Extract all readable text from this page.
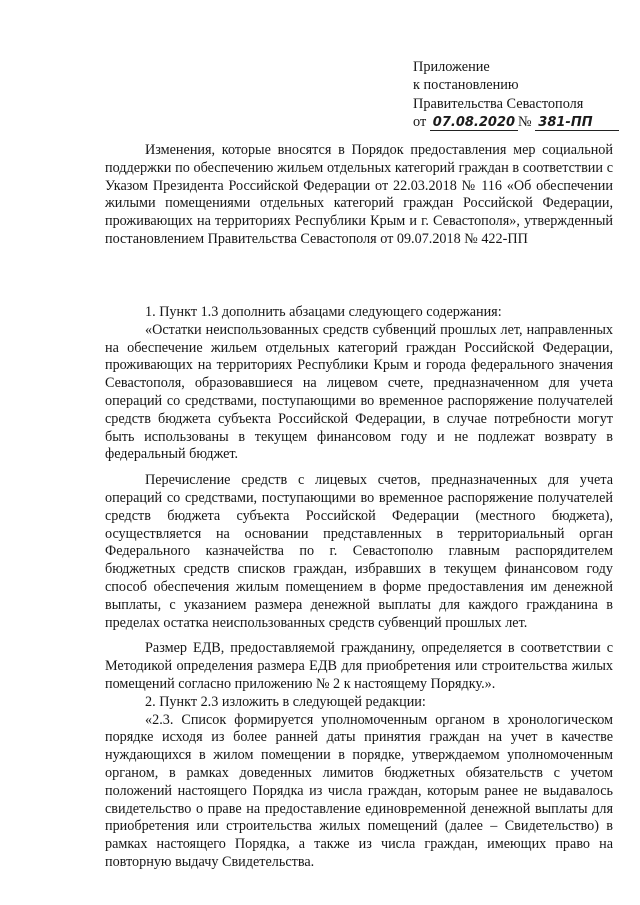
Приложение
к постановлению
Правительства Севастополя
от 07.08.2020 № 381-ПП

Изменения, которые вносятся в Порядок предоставления мер социальной поддержки по обеспечению жильем отдельных категорий граждан в соответствии с Указом Президента Российской Федерации от 22.03.2018 № 116 «Об обеспечении жилыми помещениями отдельных категорий граждан Российской Федерации, проживающих на территориях Республики Крым и г. Севастополя», утвержденный постановлением Правительства Севастополя от 09.07.2018 № 422-ПП

1. Пункт 1.3 дополнить абзацами следующего содержания:

«Остатки неиспользованных средств субвенций прошлых лет, направленных на обеспечение жильем отдельных категорий граждан Российской Федерации, проживающих на территориях Республики Крым и города федерального значения Севастополя, образовавшиеся на лицевом счете, предназначенном для учета операций со средствами, поступающими во временное распоряжение получателей средств бюджета субъекта Российской Федерации, в случае потребности могут быть использованы в текущем финансовом году и не подлежат возврату в федеральный бюджет.

Перечисление средств с лицевых счетов, предназначенных для учета операций со средствами, поступающими во временное распоряжение получателей средств бюджета субъекта Российской Федерации (местного бюджета), осуществляется на основании представленных в территориальный орган Федерального казначейства по г. Севастополю главным распорядителем бюджетных средств списков граждан, избравших в текущем финансовом году способ обеспечения жилым помещением в форме предоставления им денежной выплаты, с указанием размера денежной выплаты для каждого гражданина в пределах остатка неиспользованных средств субвенций прошлых лет.

Размер ЕДВ, предоставляемой гражданину, определяется в соответствии с Методикой определения размера ЕДВ для приобретения или строительства жилых помещений согласно приложению № 2 к настоящему Порядку.».

2. Пункт 2.3 изложить в следующей редакции:

«2.3. Список формируется уполномоченным органом в хронологическом порядке исходя из более ранней даты принятия граждан на учет в качестве нуждающихся в жилом помещении в порядке, утверждаемом уполномоченным органом, в рамках доведенных лимитов бюджетных обязательств с учетом положений настоящего Порядка из числа граждан, которым ранее не выдавалось свидетельство о праве на предоставление единовременной денежной выплаты для приобретения или строительства жилых помещений (далее – Свидетельство) в рамках настоящего Порядка, а также из числа граждан, имеющих право на повторную выдачу Свидетельства.
